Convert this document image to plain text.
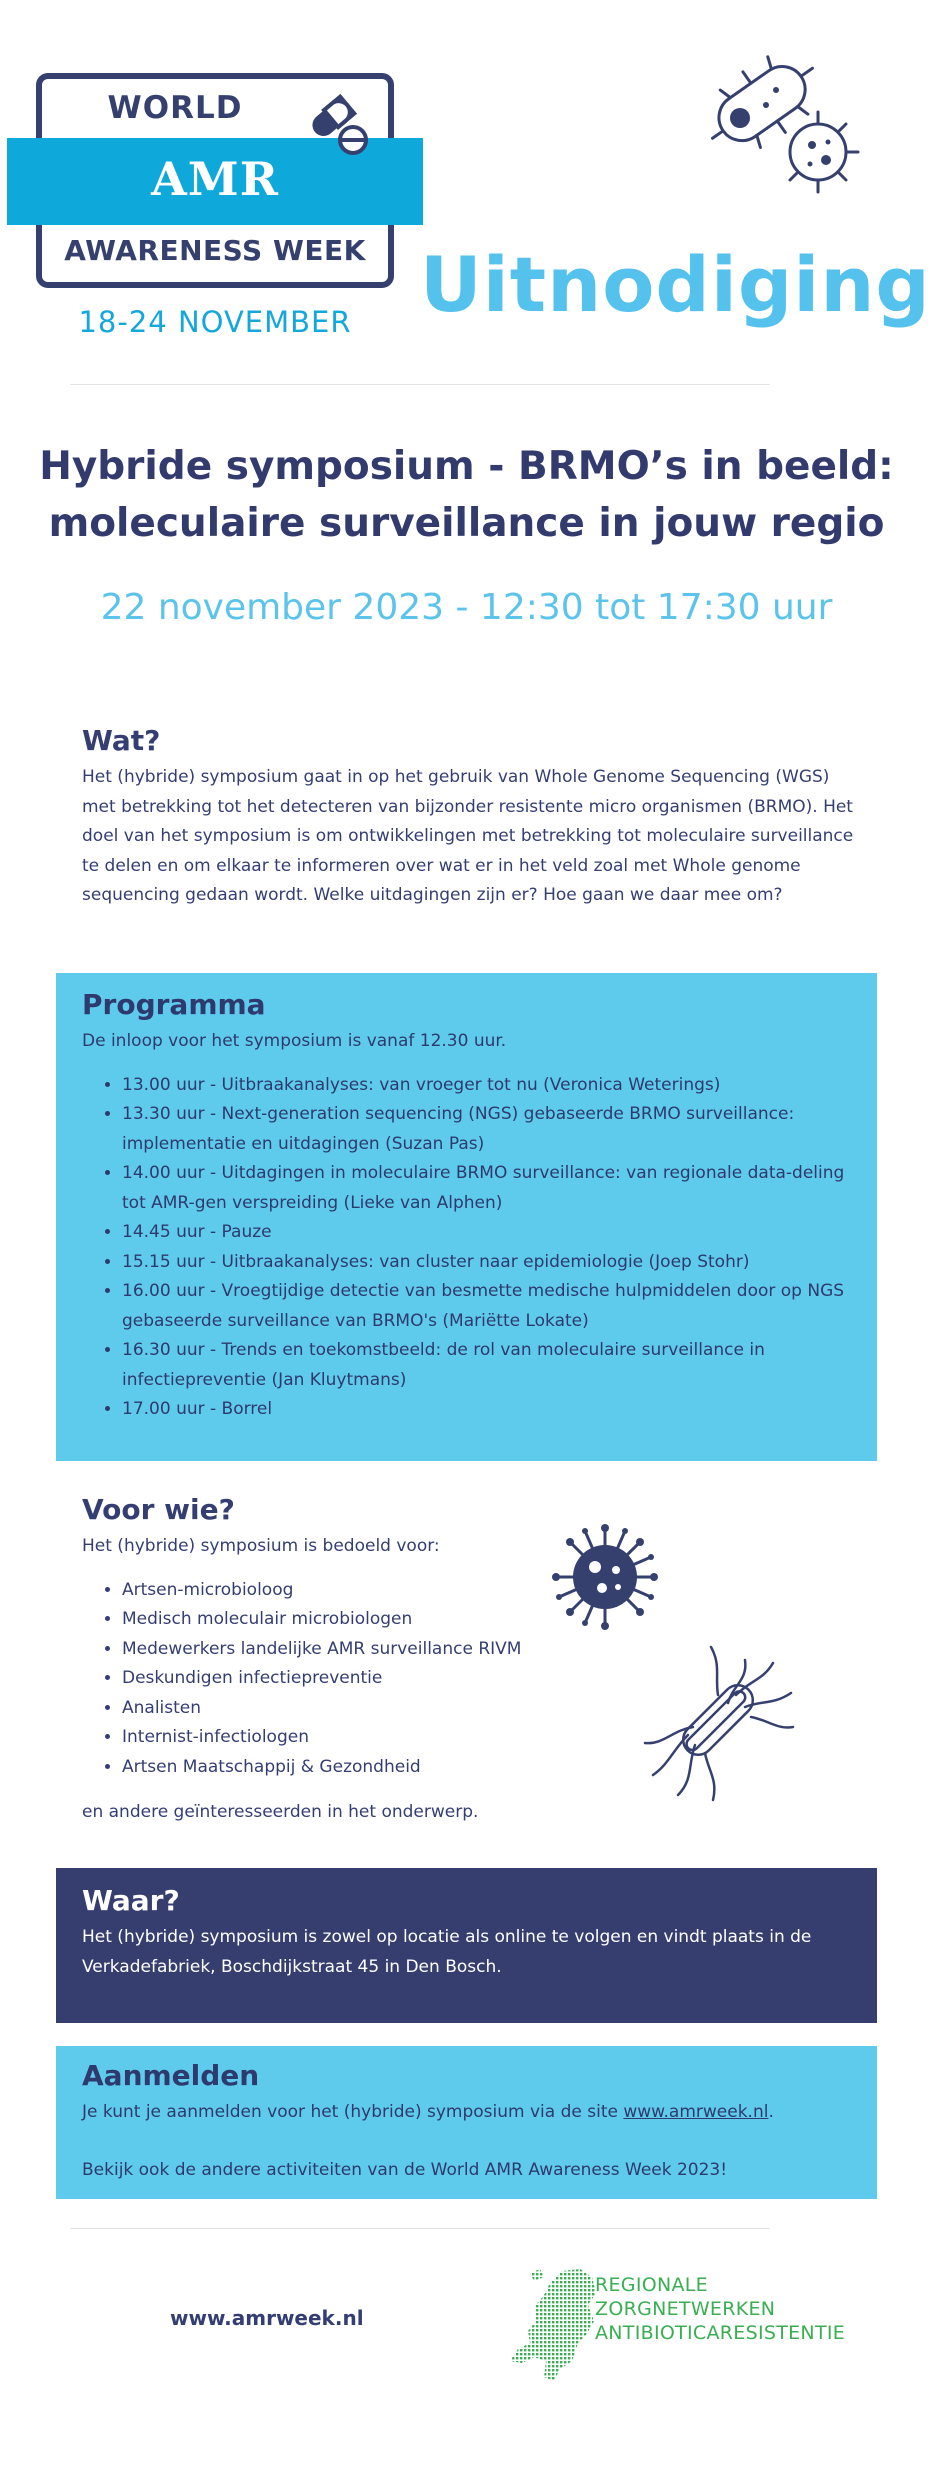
WORLD
AMR
AWARENESS WEEK
18-24 NOVEMBER Uitnodiging
Hybride symposium - BRMO’s in beeld:
moleculaire surveillance in jouw regio
22 november 2023 - 12:30 tot 17:30 uur
Wat?
Het (hybride) symposium gaat in op het gebruik van Whole Genome Sequencing (WGS) met betrekking tot het detecteren van bijzonder resistente micro organismen (BRMO). Het doel van het symposium is om ontwikkelingen met betrekking tot moleculaire surveillance te delen en om elkaar te informeren over wat er in het veld zoal met Whole genome sequencing gedaan wordt. Welke uitdagingen zijn er? Hoe gaan we daar mee om?
Programma
De inloop voor het symposium is vanaf 12.30 uur.
• 13.00 uur - Uitbraakanalyses: van vroeger tot nu (Veronica Weterings)
• 13.30 uur - Next-generation sequencing (NGS) gebaseerde BRMO surveillance: implementatie en uitdagingen (Suzan Pas)
• 14.00 uur - Uitdagingen in moleculaire BRMO surveillance: van regionale data-deling tot AMR-gen verspreiding (Lieke van Alphen)
• 14.45 uur - Pauze
• 15.15 uur - Uitbraakanalyses: van cluster naar epidemiologie (Joep Stohr)
• 16.00 uur - Vroegtijdige detectie van besmette medische hulpmiddelen door op NGS gebaseerde surveillance van BRMO's (Mariëtte Lokate)
• 16.30 uur - Trends en toekomstbeeld: de rol van moleculaire surveillance in infectiepreventie (Jan Kluytmans)
• 17.00 uur - Borrel
Voor wie?
Het (hybride) symposium is bedoeld voor:
• Artsen-microbioloog
• Medisch moleculair microbiologen
• Medewerkers landelijke AMR surveillance RIVM
• Deskundigen infectiepreventie
• Analisten
• Internist-infectiologen
• Artsen Maatschappij & Gezondheid
en andere geïnteresseerden in het onderwerp.
Waar?
Het (hybride) symposium is zowel op locatie als online te volgen en vindt plaats in de Verkadefabriek, Boschdijkstraat 45 in Den Bosch.
Aanmelden
Je kunt je aanmelden voor het (hybride) symposium via de site www.amrweek.nl.
Bekijk ook de andere activiteiten van de World AMR Awareness Week 2023!
www.amrweek.nl
REGIONALE
ZORGNETWERKEN
ANTIBIOTICARESISTENTIE
